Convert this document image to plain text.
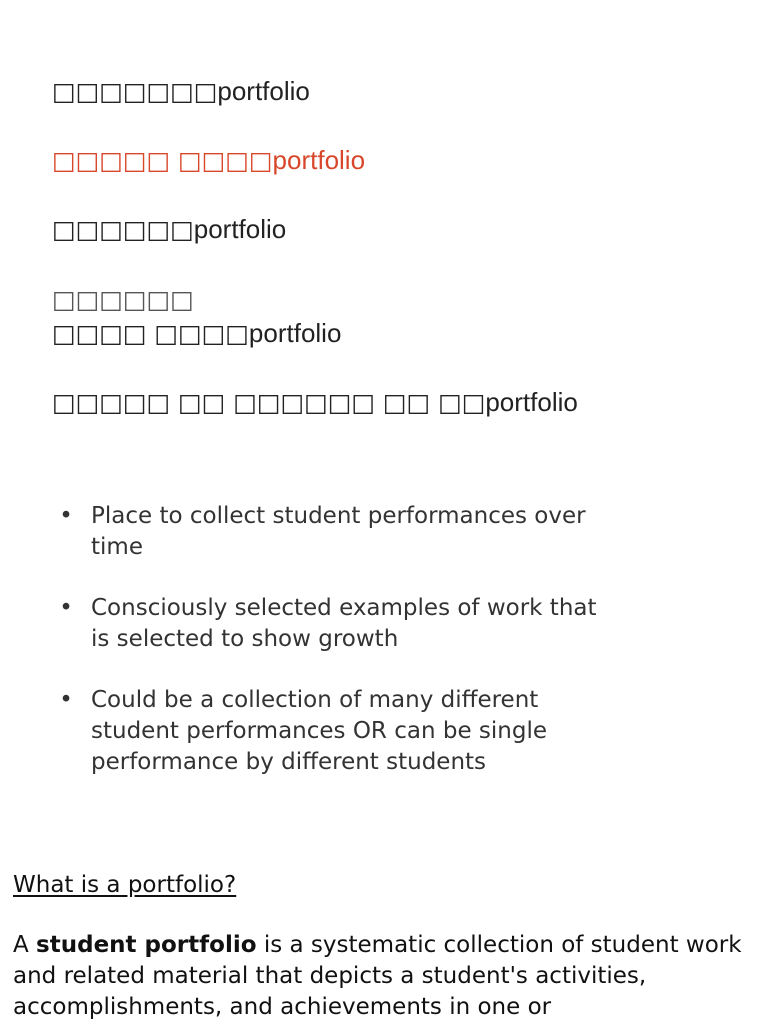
□□□□□□□portfolio
□□□□□ □□□□portfolio
□□□□□□portfolio
□□□□□□
□□□□ □□□□portfolio
□□□□□ □□ □□□□□□ □□ □□portfolio
• Place to collect student performances over time
• Consciously selected examples of work that is selected to show growth
• Could be a collection of many different student performances OR can be single performance by different students
What is a portfolio?

A student portfolio is a systematic collection of student work and related material that depicts a student's activities, accomplishments, and achievements in one or
